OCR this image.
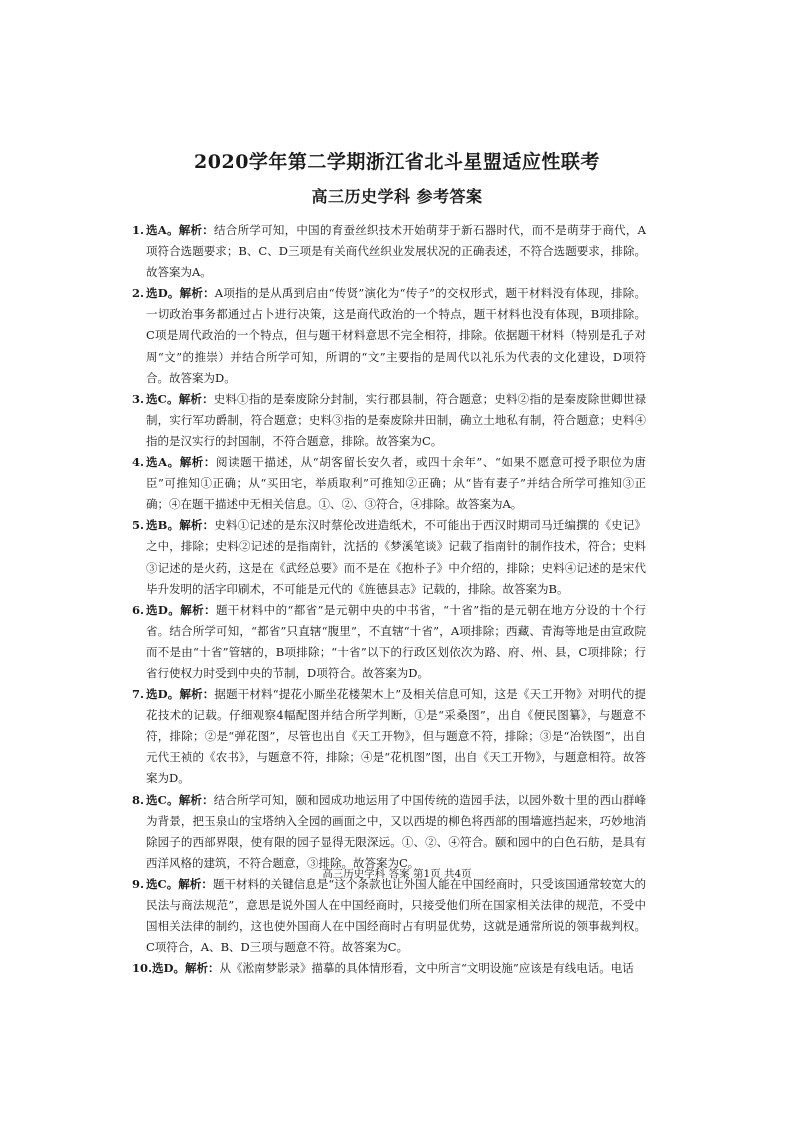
2020学年第二学期浙江省北斗星盟适应性联考
高三历史学科 参考答案
1. 选A。解析：结合所学可知，中国的育蚕丝织技术开始萌芽于新石器时代，而不是萌芽于商代，A项符合选题要求；B、C、D三项是有关商代丝织业发展状况的正确表述，不符合选题要求，排除。故答案为A。
2. 选D。解析：A项指的是从禹到启由“传贤”演化为“传子”的交权形式，题干材料没有体现，排除。一切政治事务都通过占卜进行决策，这是商代政治的一个特点，题干材料也没有体现，B项排除。C项是周代政治的一个特点，但与题干材料意思不完全相符，排除。依据题干材料（特别是孔子对周“文”的推崇）并结合所学可知，所谓的“文”主要指的是周代以礼乐为代表的文化建设，D项符合。故答案为D。
3. 选C。解析：史料①指的是秦废除分封制，实行郡县制，符合题意；史料②指的是秦废除世卿世禄制，实行军功爵制，符合题意；史料③指的是秦废除井田制，确立土地私有制，符合题意；史料④指的是汉实行的封国制，不符合题意，排除。故答案为C。
4. 选A。解析：阅读题干描述，从“胡客留长安久者，或四十余年”、“如果不愿意可授予职位为唐臣”可推知①正确；从“买田宅，举质取利”可推知②正确；从“皆有妻子”并结合所学可推知③正确；④在题干描述中无相关信息。①、②、③符合，④排除。故答案为A。
5. 选B。解析：史料①记述的是东汉时蔡伦改进造纸术，不可能出于西汉时期司马迁编撰的《史记》之中，排除；史料②记述的是指南针，沈括的《梦溪笔谈》记载了指南针的制作技术，符合；史料③记述的是火药，这是在《武经总要》而不是在《抱朴子》中介绍的，排除；史料④记述的是宋代毕升发明的活字印刷术，不可能是元代的《旌德县志》记载的，排除。故答案为B。
6. 选D。解析：题干材料中的“都省”是元朝中央的中书省，“十省”指的是元朝在地方分设的十个行省。结合所学可知，“都省”只直辖“腹里”，不直辖“十省”，A项排除；西藏、青海等地是由宣政院而不是由“十省”管辖的，B项排除；“十省”以下的行政区划依次为路、府、州、县，C项排除；行省行使权力时受到中央的节制，D项符合。故答案为D。
7. 选D。解析：据题干材料“提花小厮坐花楼架木上”及相关信息可知，这是《天工开物》对明代的提花技术的记载。仔细观察4幅配图并结合所学判断，①是“采桑图”，出自《便民图纂》，与题意不符，排除；②是“弹花图”，尽管也出自《天工开物》，但与题意不符，排除；③是“冶铁图”，出自元代王祯的《农书》，与题意不符，排除；④是“花机图”图，出自《天工开物》，与题意相符。故答案为D。
8. 选C。解析：结合所学可知，颐和园成功地运用了中国传统的造园手法，以园外数十里的西山群峰为背景，把玉泉山的宝塔纳入全园的画面之中，又以西堤的柳色将西部的围墙遮挡起来，巧妙地消除园子的西部界限，使有限的园子显得无限深远。①、②、④符合。颐和园中的白色石舫，是具有西洋风格的建筑，不符合题意，③排除。故答案为C。
9. 选C。解析：题干材料的关键信息是“这个条款也让外国人能在中国经商时，只受该国通常较宽大的民法与商法规范”，意思是说外国人在中国经商时，只接受他们所在国家相关法律的规范，不受中国相关法律的制约，这也使外国商人在中国经商时占有明显优势，这就是通常所说的领事裁判权。C项符合，A、B、D三项与题意不符。故答案为C。
10. 选D。解析：从《淞南梦影录》描摹的具体情形看，文中所言“文明设施”应该是有线电话。电话
高三历史学科 答案 第1页 共4页
